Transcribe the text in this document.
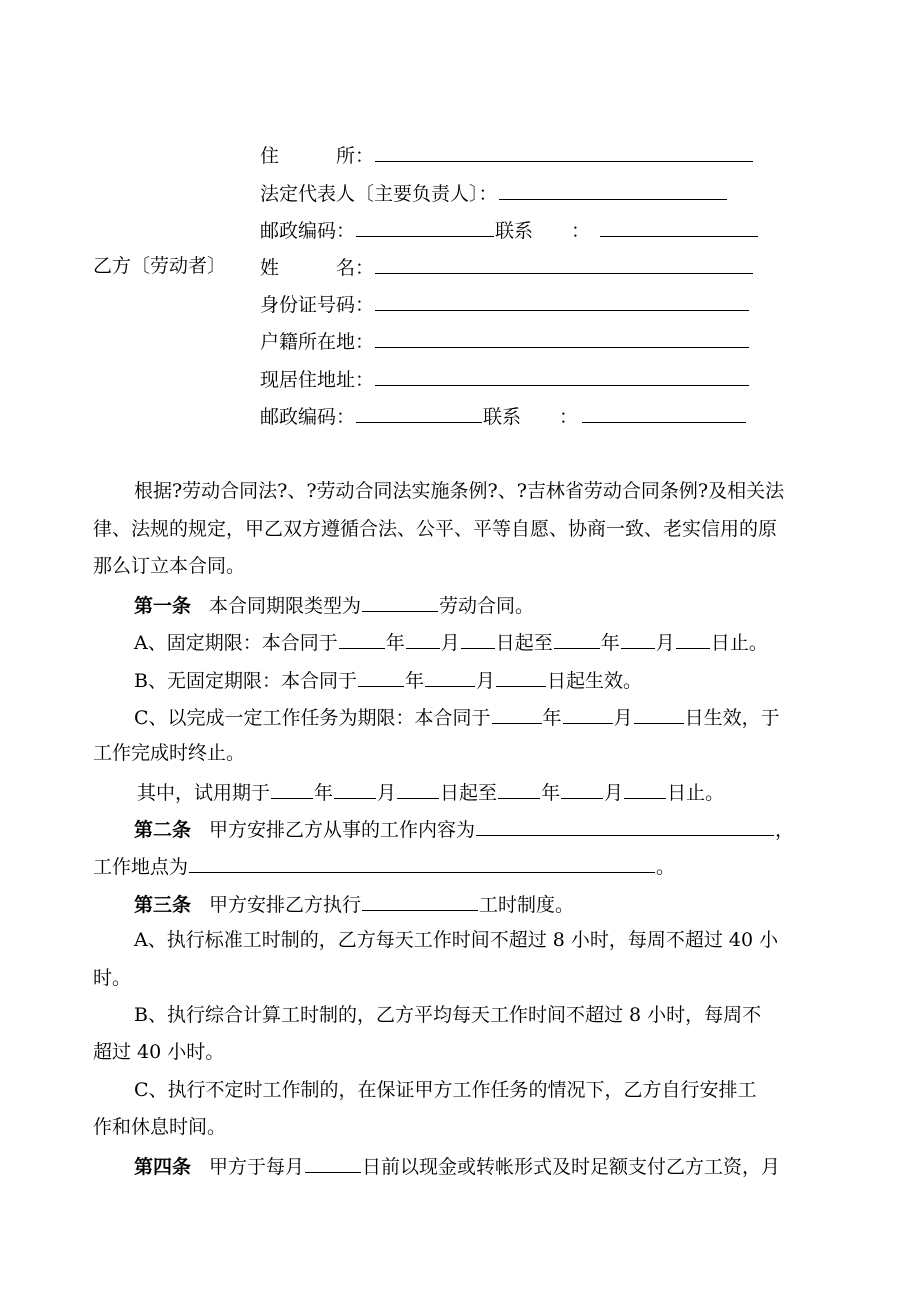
住　　　所：
法定代表人〔主要负责人〕：
邮政编码：	联系　　：
乙方〔劳动者〕 姓　　　名：
身份证号码：
户籍所在地：
现居住地址：
邮政编码：	联系 ：
根据?劳动合同法?、?劳动合同法实施条例?、?吉林省劳动合同条例?及相关法
律、法规的规定，甲乙双方遵循合法、公平、平等自愿、协商一致、老实信用的原
那么订立本合同。
第一条 本合同期限类型为	劳动合同。
A、固定期限：本合同于	年 月 日起至	年 月 日止。
B、无固定期限：本合同于	年	月	日起生效。
C、以完成一定工作任务为期限：本合同于	年	月	日生效，于
工作完成时终止。
其中，试用期于 年 月 日起至 年 月 日止。
第二条 甲方安排乙方从事的工作内容为	，
工作地点为	。
第三条 甲方安排乙方执行	工时制度。
A、执行标准工时制的，乙方每天工作时间不超过 8 小时，每周不超过 40 小
时。
B、执行综合计算工时制的，乙方平均每天工作时间不超过 8 小时，每周不
超过 40 小时。
C、执行不定时工作制的，在保证甲方工作任务的情况下，乙方自行安排工
作和休息时间。
第四条 甲方于每月	日前以现金或转帐形式及时足额支付乙方工资，月
